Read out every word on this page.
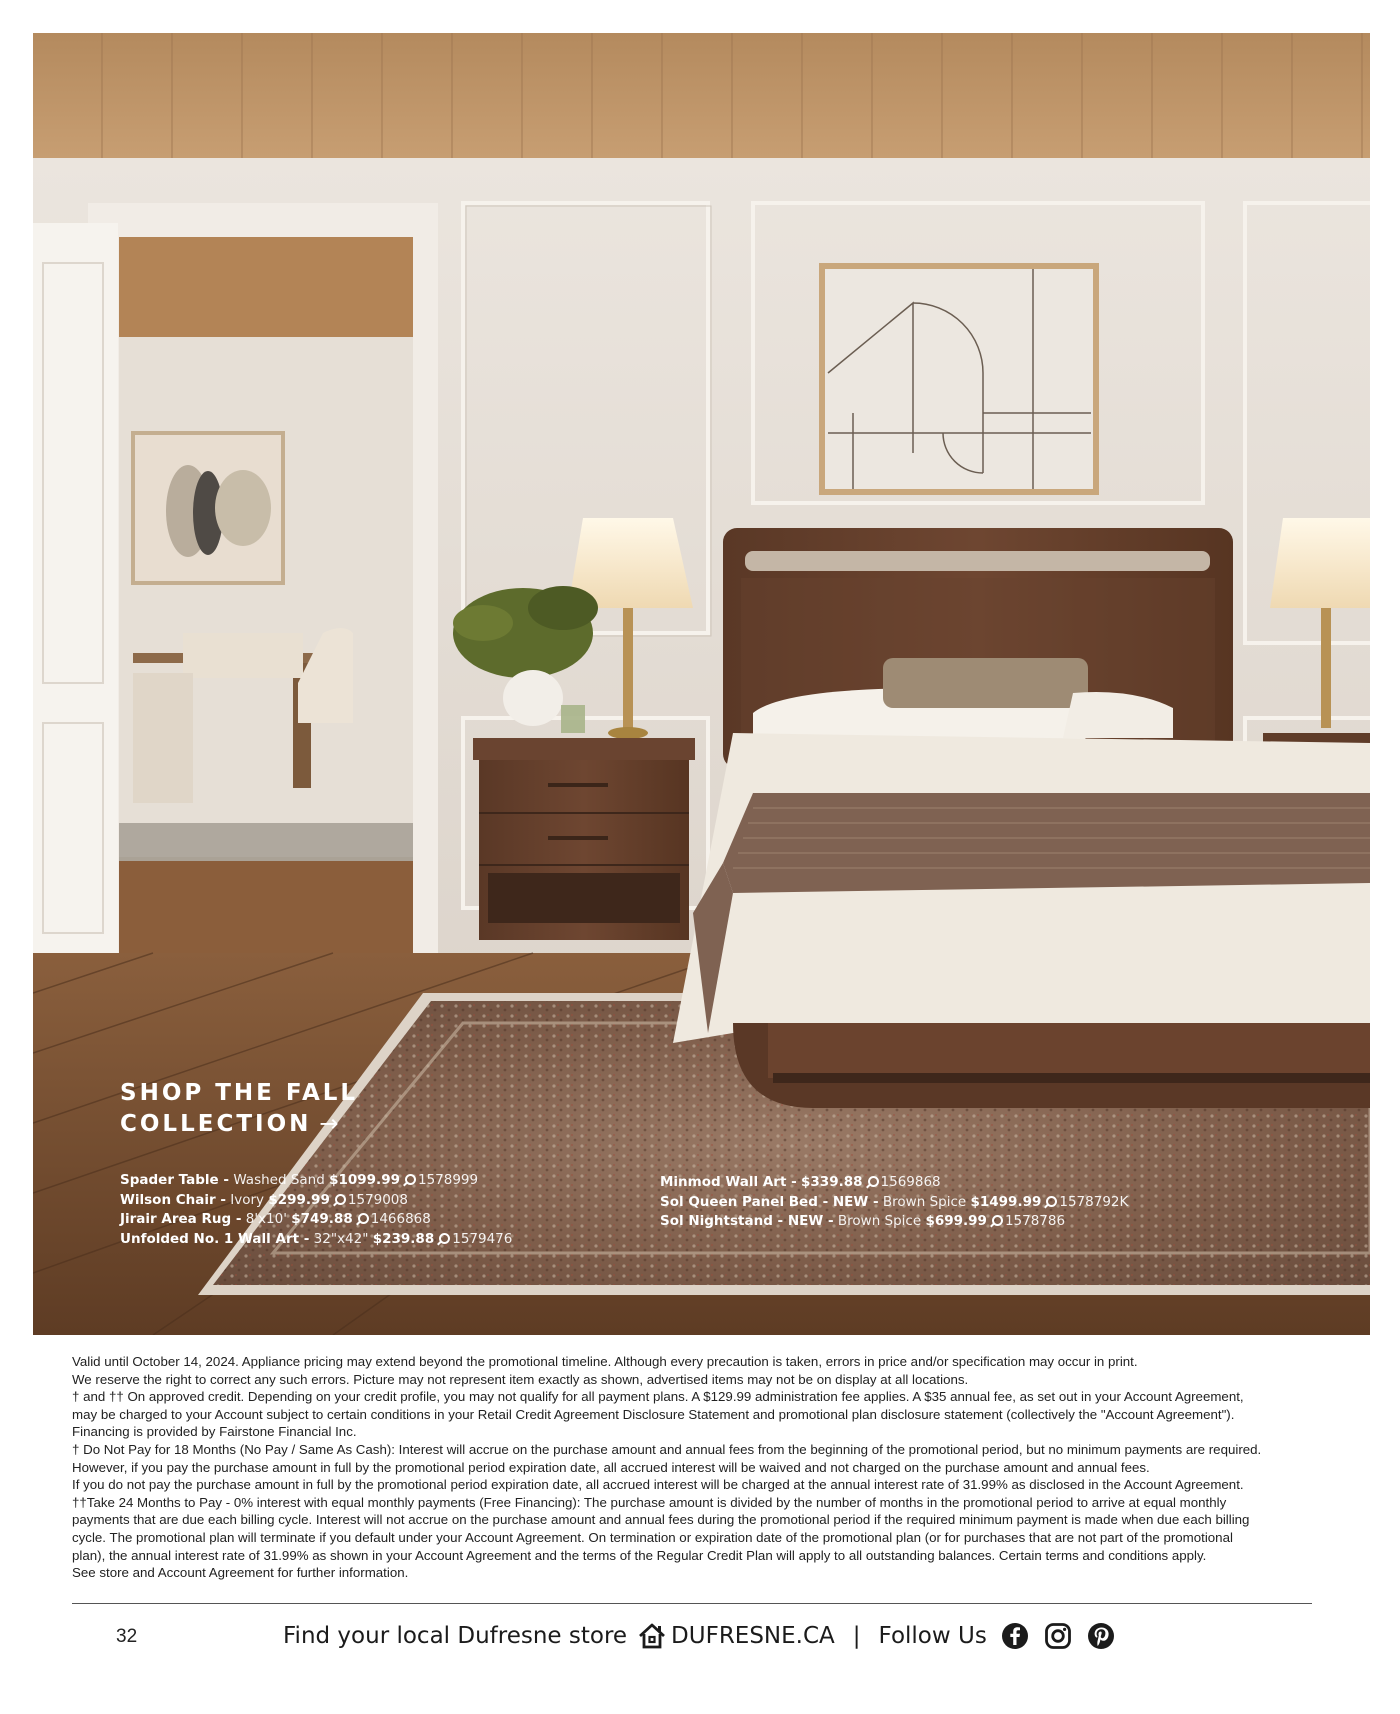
SHOP THE FALL
COLLECTION →
Spader Table - Washed Sand $1099.99 1578999
Wilson Chair - Ivory $299.99 1579008
Jirair Area Rug - 8'x10' $749.88 1466868
Unfolded No. 1 Wall Art - 32"x42" $239.88 1579476
Minmod Wall Art - $339.88 1569868
Sol Queen Panel Bed - NEW - Brown Spice $1499.99 1578792K
Sol Nightstand - NEW - Brown Spice $699.99 1578786

Valid until October 14, 2024. Appliance pricing may extend beyond the promotional timeline. Although every precaution is taken, errors in price and/or specification may occur in print.

We reserve the right to correct any such errors. Picture may not represent item exactly as shown, advertised items may not be on display at all locations.

† and †† On approved credit. Depending on your credit profile, you may not qualify for all payment plans. A $129.99 administration fee applies. A $35 annual fee, as set out in your Account Agreement,

may be charged to your Account subject to certain conditions in your Retail Credit Agreement Disclosure Statement and promotional plan disclosure statement (collectively the "Account Agreement").

Financing is provided by Fairstone Financial Inc.

† Do Not Pay for 18 Months (No Pay / Same As Cash): Interest will accrue on the purchase amount and annual fees from the beginning of the promotional period, but no minimum payments are required.

However, if you pay the purchase amount in full by the promotional period expiration date, all accrued interest will be waived and not charged on the purchase amount and annual fees.

If you do not pay the purchase amount in full by the promotional period expiration date, all accrued interest will be charged at the annual interest rate of 31.99% as disclosed in the Account Agreement.

††Take 24 Months to Pay - 0% interest with equal monthly payments (Free Financing): The purchase amount is divided by the number of months in the promotional period to arrive at equal monthly

payments that are due each billing cycle. Interest will not accrue on the purchase amount and annual fees during the promotional period if the required minimum payment is made when due each billing

cycle. The promotional plan will terminate if you default under your Account Agreement. On termination or expiration date of the promotional plan (or for purchases that are not part of the promotional

plan), the annual interest rate of 31.99% as shown in your Account Agreement and the terms of the Regular Credit Plan will apply to all outstanding balances. Certain terms and conditions apply.

See store and Account Agreement for further information.

32	Find your local Dufresne store DUFRESNE.CA | Follow Us
